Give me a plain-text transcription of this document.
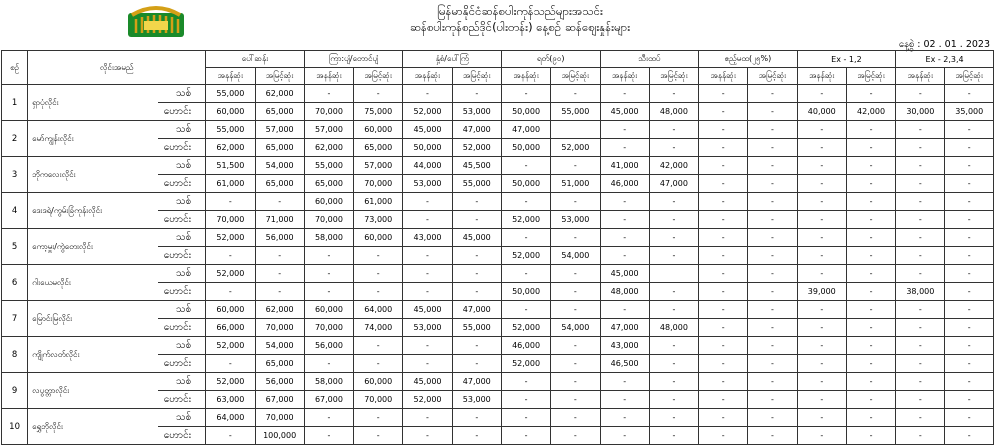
မြန်မာနိုင်ငံဆန်စပါးကုန်သည်များအသင်း
ဆန်စပါးကုန်စည်ဒိုင်(ပါးတန်း) နေ့စဉ် ဆန်ဈေးနှုန်းများ
နေ့စွဲ : 02 . 01 . 2023
စဉ်	လိုင်းအမည်		ပေါ်ဆန်း		ကြာ:ပျံ/တောင်ပျံ		နှံ့စံ/ပေါ်ကြံ		ရတ်(၉၀)		သီးထပ်		ဧည့်မထ(၂၅%)		Ex - 1,2		Ex - 2,3,4	
			အနန်ဆုံး	အမြင့်ဆုံး	အနန်ဆုံး	အမြင့်ဆုံး	အနန်ဆုံး	အမြင့်ဆုံး	အနန်ဆုံး	အမြင့်ဆုံး	အနန်ဆုံး	အမြင့်ဆုံး	အနန်ဆုံး	အမြင့်ဆုံး	အနန်ဆုံး	အမြင့်ဆုံး	အနန်ဆုံး	အမြင့်ဆုံး
1	ရှာပုံလိုင်း	သစ်	55,000	62,000	-	-	-	-	-	-	-	-	-	-	-	-	-	-
		ဟောင်း	60,000	65,000	70,000	75,000	52,000	53,000	50,000	55,000	45,000	48,000	-	-	40,000	42,000	30,000	35,000
2	မော်ကျွန်းလိုင်း	သစ်	55,000	57,000	57,000	60,000	45,000	47,000	47,000		-	-	-	-	-	-	-	-
		ဟောင်း	62,000	65,000	62,000	65,000	50,000	52,000	50,000	52,000	-	-	-	-	-	-	-	-
3	ဘိုကလေးလိုင်း	သစ်	51,500	54,000	55,000	57,000	44,000	45,500	-	-	41,000	42,000	-	-	-	-	-	-
		ဟောင်း	61,000	65,000	65,000	70,000	53,000	55,000	50,000	51,000	46,000	47,000	-	-	-	-	-	-
4	ဒေးဒရဲ/ကွမ်းခြံကုန်းလိုင်း	သစ်	-	-	60,000	61,000	-	-	-	-	-	-	-	-	-	-	-	-
		ဟောင်း	70,000	71,000	70,000	73,000	-	-	52,000	53,000	-	-	-	-	-	-	-	-
5	ကော့မှူး/ကွဲတေးလိုင်း	သစ်	52,000	56,000	58,000	60,000	43,000	45,000	-	-	-	-	-	-	-	-	-	-
		ဟောင်း	-	-	-	-	-	-	52,000	54,000	-	-	-	-	-	-	-	-
6	ဂါးယေမလိုင်း	သစ်	52,000	-	-	-	-	-	-	-	45,000		-	-	-	-	-	-
		ဟောင်း	-	-	-	-	-	-	50,000	-	48,000	-	-	-	39,000	-	38,000	-
7	မြောင်းမြလိုင်း	သစ်	60,000	62,000	60,000	64,000	45,000	47,000	-	-	-	-	-	-	-	-	-	-
		ဟောင်း	66,000	70,000	70,000	74,000	53,000	55,000	52,000	54,000	47,000	48,000	-	-	-	-	-	-
8	ကျိုက်လတ်လိုင်း	သစ်	52,000	54,000	56,000	-	-	-	46,000	-	43,000	-	-	-	-	-	-	-
		ဟောင်း	-	65,000	-	-	-	-	52,000	-	46,500	-	-	-	-	-	-	-
9	လပွတ္တာလိုင်း	သစ်	52,000	56,000	58,000	60,000	45,000	47,000	-	-	-	-	-	-	-	-	-	-
		ဟောင်း	63,000	67,000	67,000	70,000	52,000	53,000	-	-	-	-	-	-	-	-	-	-
10	ရွှေဘိုလိုင်း	သစ်	64,000	70,000	-	-	-	-	-	-	-	-	-	-	-	-	-	-
		ဟောင်း	-	100,000	-	-	-	-	-	-	-	-	-	-	-	-	-	-
